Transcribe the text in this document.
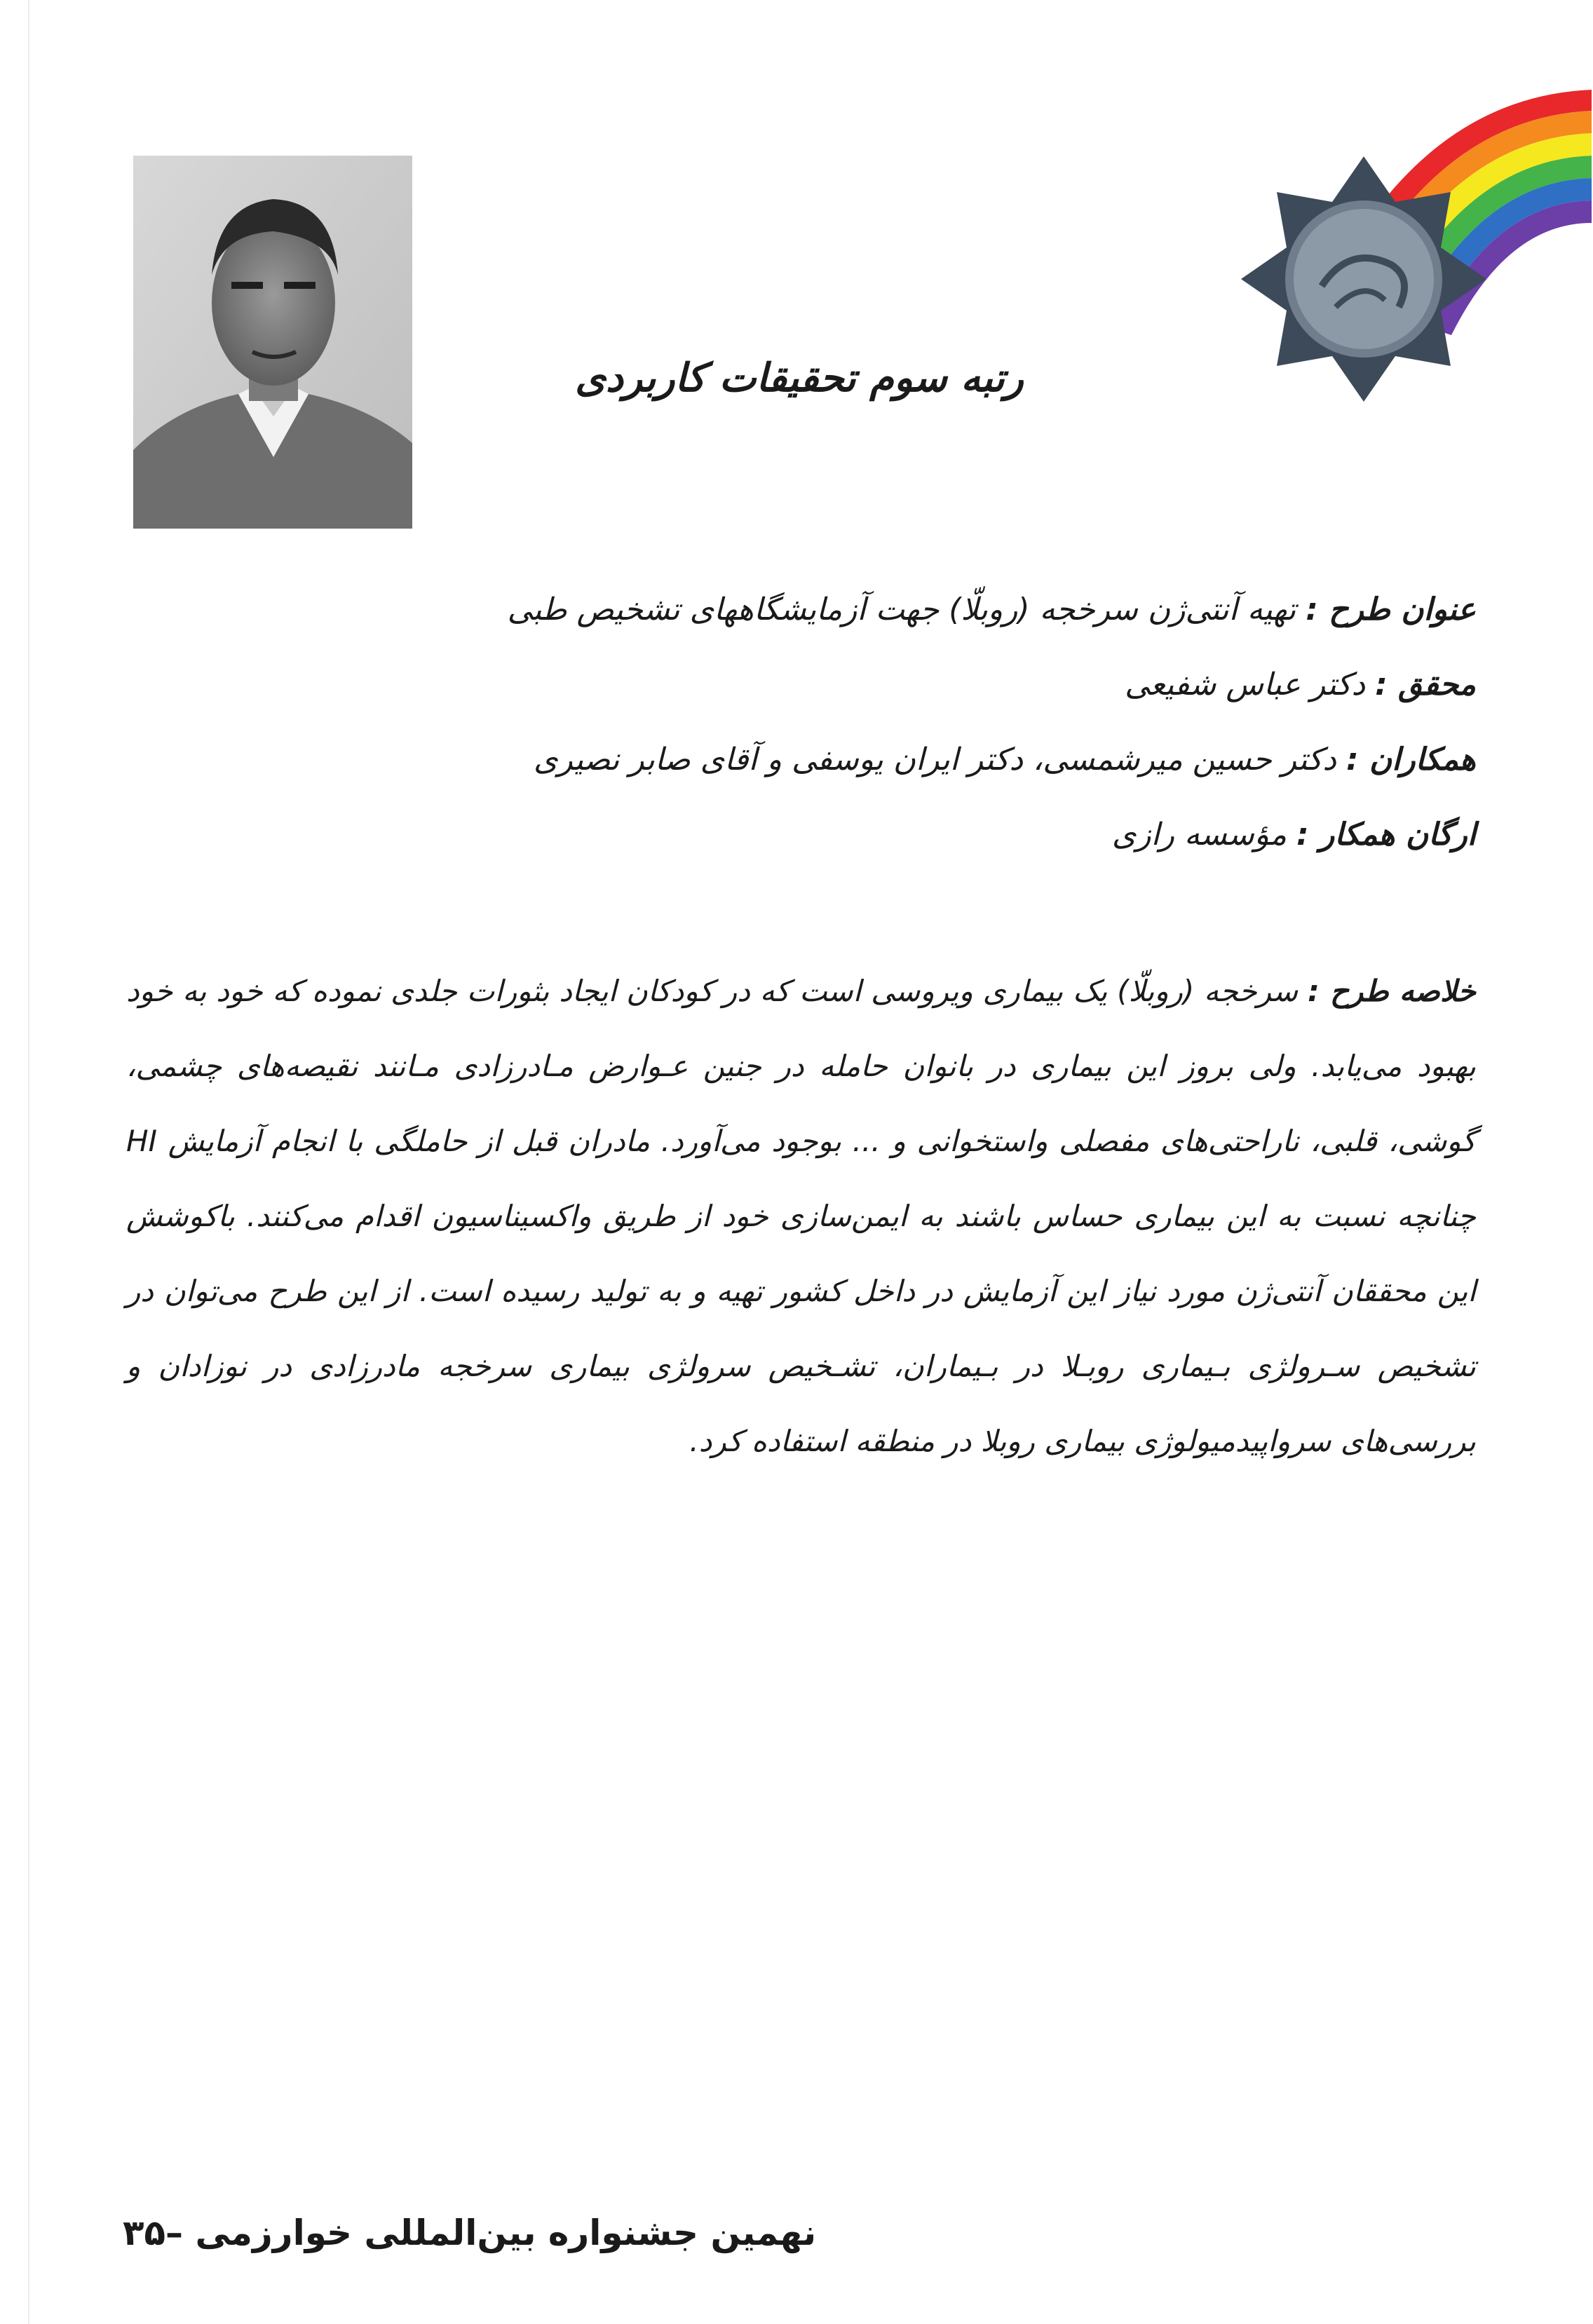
رتبه سوم تحقیقات کاربردی
عنوان طرح : تهیه آنتی‌ژن سرخجه (روبلّا) جهت آزمایشگاههای تشخیص طبی
محقق : دکتر عباس شفیعی
همکاران : دکتر حسین میرشمسی، دکتر ایران یوسفی و آقای صابر نصیری
ارگان همکار : مؤسسه رازی
خلاصه طرح : سرخجه (روبلّا) یک بیماری ویروسی است که در کودکان ایجاد بثورات جلدی نموده که خود به خود بهبود می‌یابد. ولی بروز این بیماری در بانوان حامله در جنین عـوارض مـادرزادی مـانند نقیصه‌های چشمی، گوشی، قلبی، ناراحتی‌های مفصلی واستخوانی و ... بوجود می‌آورد. مادران قبل از حاملگی با انجام آزمایش HI چنانچه نسبت به این بیماری حساس باشند به ایمن‌سازی خود از طریق واکسیناسیون اقدام می‌کنند. باکوشش این محققان آنتی‌ژن مورد نیاز این آزمایش در داخل کشور تهیه و به تولید رسیده است. از این طرح می‌توان در تشخیص سـرولژی بـیماری روبـلا در بـیماران، تشـخیص سرولژی بیماری سرخجه مادرزادی در نوزادان و بررسی‌های سرواپیدمیولوژی بیماری روبلا در منطقه استفاده کرد.
نهمین جشنواره بین‌المللی خوارزمی –۳۵
